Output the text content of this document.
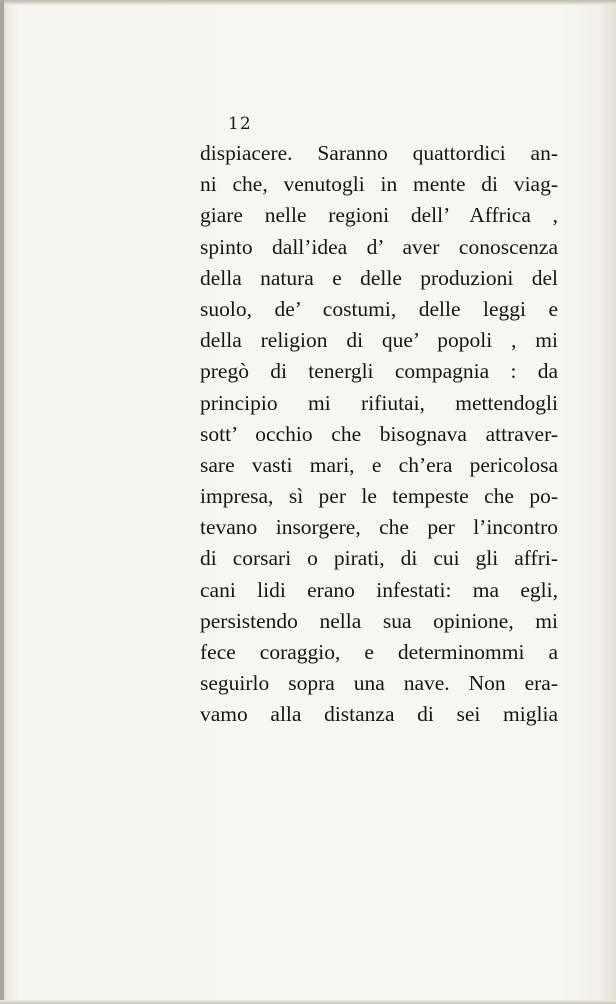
12
dispiacere. Saranno quattordici an-
ni che, venutogli in mente di viag-
giare nelle regioni dell’ Affrica ,
spinto dall’idea d’ aver conoscenza
della natura e delle produzioni del
suolo, de’ costumi, delle leggi e
della religion di que’ popoli , mi
pregò di tenergli compagnia : da
principio mi rifiutai, mettendogli
sott’ occhio che bisognava attraver-
sare vasti mari, e ch’era pericolosa
impresa, sì per le tempeste che po-
tevano insorgere, che per l’incontro
di corsari o pirati, di cui gli affri-
cani lidi erano infestati: ma egli,
persistendo nella sua opinione, mi
fece coraggio, e determinommi a
seguirlo sopra una nave. Non era-
vamo alla distanza di sei miglia
